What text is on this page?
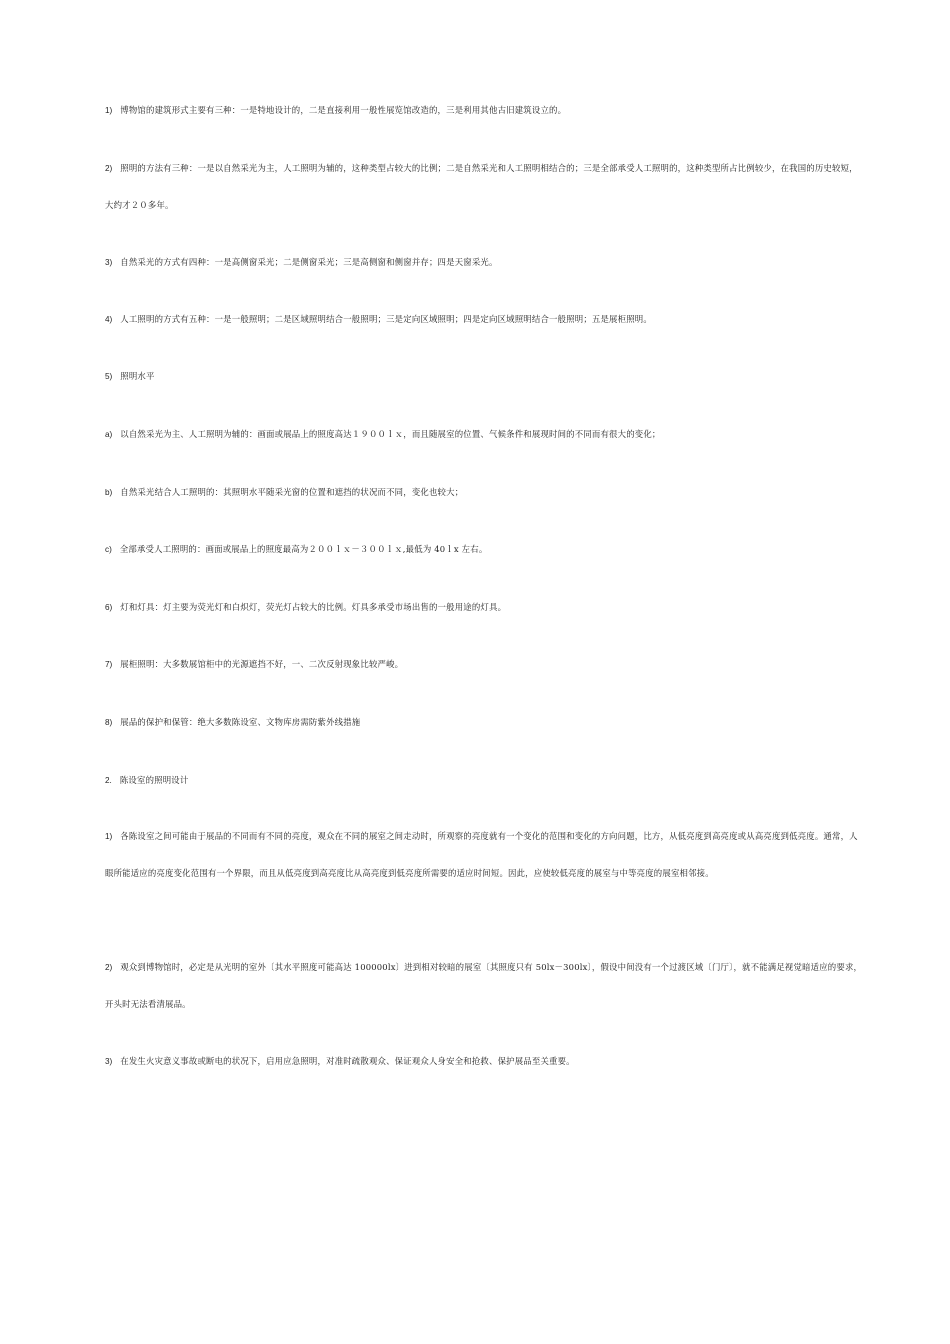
1) 博物馆的建筑形式主要有三种：一是特地设计的，二是直接利用一般性展览馆改造的，三是利用其他古旧建筑设立的。

2) 照明的方法有三种：一是以自然采光为主，人工照明为辅的，这种类型占较大的比例；二是自然采光和人工照明相结合的；三是全部承受人工照明的，这种类型所占比例较少，在我国的历史较短，大约才２０多年。

3) 自然采光的方式有四种：一是高侧窗采光；二是侧窗采光；三是高侧窗和侧窗并存；四是天窗采光。

4) 人工照明的方式有五种：一是一般照明；二是区域照明结合一般照明；三是定向区域照明；四是定向区域照明结合一般照明；五是展柜照明。

5) 照明水平

a) 以自然采光为主、人工照明为辅的：画面或展品上的照度高达１９００ｌｘ，而且随展室的位置、气候条件和展现时间的不同而有很大的变化；

b) 自然采光结合人工照明的：其照明水平随采光窗的位置和遮挡的状况而不同，变化也较大；

c) 全部承受人工照明的：画面或展品上的照度最高为２００ｌｘ－３００ｌｘ,最低为 40ｌx 左右。

6) 灯和灯具：灯主要为荧光灯和白炽灯，荧光灯占较大的比例。灯具多承受市场出售的一般用途的灯具。

7) 展柜照明：大多数展馆柜中的光源遮挡不好，一、二次反射现象比较严峻。

8) 展品的保护和保管：绝大多数陈设室、文物库房需防紫外线措施

2. 陈设室的照明设计

1) 各陈设室之间可能由于展品的不同而有不同的亮度，观众在不同的展室之间走动时，所观察的亮度就有一个变化的范围和变化的方向问题，比方，从低亮度到高亮度或从高亮度到低亮度。通常，人眼所能适应的亮度变化范围有一个界限，而且从低亮度到高亮度比从高亮度到低亮度所需要的适应时间短。因此，应使较低亮度的展室与中等亮度的展室相邻接。

2) 观众到博物馆时，必定是从光明的室外〔其水平照度可能高达 100000lx〕进到相对较暗的展室〔其照度只有 50lx－300lx〕，假设中间没有一个过渡区域〔门厅〕，就不能满足视觉暗适应的要求，开头时无法看清展品。

3) 在发生火灾意义事故或断电的状况下，启用应急照明，对准时疏散观众、保证观众人身安全和抢救、保护展品至关重要。
